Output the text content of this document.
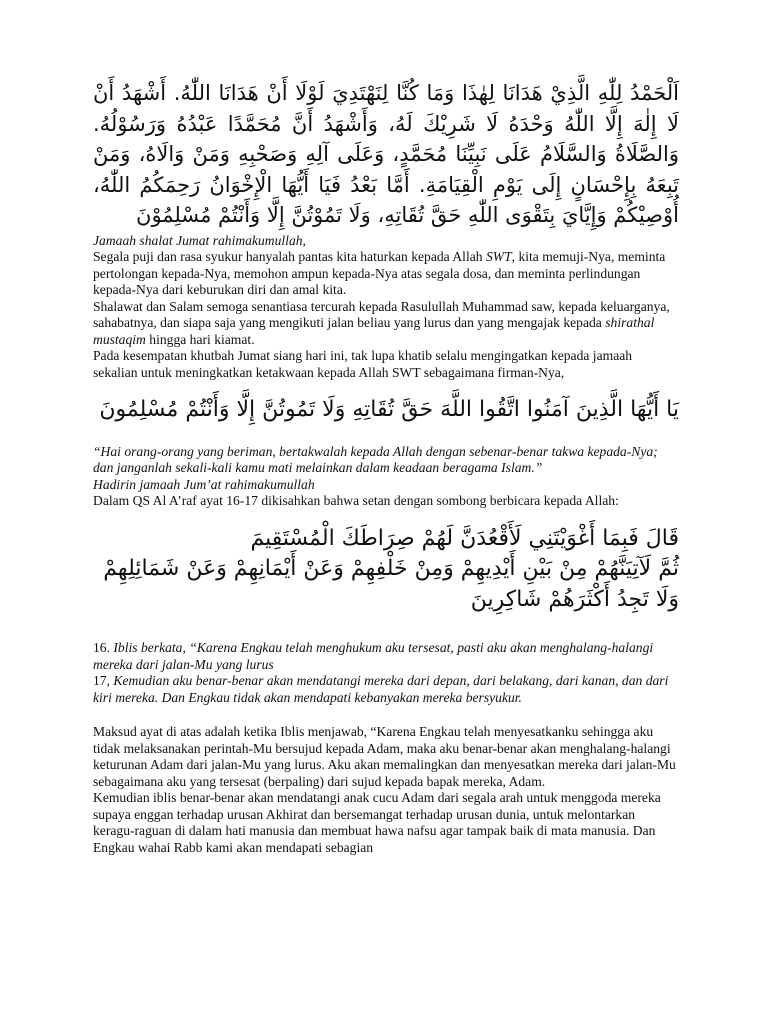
اَلْحَمْدُ لِلّٰهِ الَّذِيْ هَدَانَا لِهٰذَا وَمَا كُنَّا لِنَهْتَدِيَ لَوْلَا أَنْ هَدَانَا اللّٰهُ. أَشْهَدُ أَنْ لَا إِلٰهَ إِلَّا اللّٰهُ وَحْدَهُ لَا شَرِيْكَ لَهُ، وَأَشْهَدُ أَنَّ مُحَمَّدًا عَبْدُهُ وَرَسُوْلُهُ. وَالصَّلَاةُ وَالسَّلَامُ عَلَى نَبِيِّنَا مُحَمَّدٍ، وَعَلَى آلِهِ وَصَحْبِهِ وَمَنْ وَالَاهُ، وَمَنْ تَبِعَهُ بِإِحْسَانٍ إِلَى يَوْمِ الْقِيَامَةِ. أَمَّا بَعْدُ فَيَا أَيُّهَا الْإِخْوَانُ رَحِمَكُمُ اللّٰهُ، أُوْصِيْكُمْ وَإِيَّايَ بِتَقْوَى اللّٰهِ حَقَّ تُقَاتِهِ، وَلَا تَمُوْتُنَّ إِلَّا وَأَنْتُمْ مُسْلِمُوْنَ

Jamaah shalat Jumat rahimakumullah,

Segala puji dan rasa syukur hanyalah pantas kita haturkan kepada Allah SWT, kita memuji-Nya, meminta pertolongan kepada-Nya, memohon ampun kepada-Nya atas segala dosa, dan meminta perlindungan kepada-Nya dari keburukan diri dan amal kita.

Shalawat dan Salam semoga senantiasa tercurah kepada Rasulullah Muhammad saw, kepada keluarganya, sahabatnya, dan siapa saja yang mengikuti jalan beliau yang lurus dan yang mengajak kepada shirathal mustaqim hingga hari kiamat.

Pada kesempatan khutbah Jumat siang hari ini, tak lupa khatib selalu mengingatkan kepada jamaah sekalian untuk meningkatkan ketakwaan kepada Allah SWT sebagaimana firman-Nya,

يَا أَيُّهَا الَّذِينَ آمَنُوا اتَّقُوا اللَّهَ حَقَّ تُقَاتِهِ وَلَا تَمُوتُنَّ إِلَّا وَأَنْتُمْ مُسْلِمُونَ

“Hai orang-orang yang beriman, bertakwalah kepada Allah dengan sebenar-benar takwa kepada-Nya; dan janganlah sekali-kali kamu mati melainkan dalam keadaan beragama Islam.”

Hadirin jamaah Jum’at rahimakumullah

Dalam QS Al A’raf ayat 16-17 dikisahkan bahwa setan dengan sombong berbicara kepada Allah:

قَالَ فَبِمَا أَغْوَيْتَنِي لَأَقْعُدَنَّ لَهُمْ صِرَاطَكَ الْمُسْتَقِيمَ

ثُمَّ لَآتِيَنَّهُمْ مِنْ بَيْنِ أَيْدِيهِمْ وَمِنْ خَلْفِهِمْ وَعَنْ أَيْمَانِهِمْ وَعَنْ شَمَائِلِهِمْ

وَلَا تَجِدُ أَكْثَرَهُمْ شَاكِرِينَ

16. Iblis berkata, “Karena Engkau telah menghukum aku tersesat, pasti aku akan menghalang-halangi mereka dari jalan-Mu yang lurus

17, Kemudian aku benar-benar akan mendatangi mereka dari depan, dari belakang, dari kanan, dan dari kiri mereka. Dan Engkau tidak akan mendapati kebanyakan mereka bersyukur.

Maksud ayat di atas adalah ketika Iblis menjawab, “Karena Engkau telah menyesatkanku sehingga aku tidak melaksanakan perintah-Mu bersujud kepada Adam, maka aku benar-benar akan menghalang-halangi keturunan Adam dari jalan-Mu yang lurus. Aku akan memalingkan dan menyesatkan mereka dari jalan-Mu sebagaimana aku yang tersesat (berpaling) dari sujud kepada bapak mereka, Adam.

Kemudian iblis benar-benar akan mendatangi anak cucu Adam dari segala arah untuk menggoda mereka supaya enggan terhadap urusan Akhirat dan bersemangat terhadap urusan dunia, untuk melontarkan keragu-raguan di dalam hati manusia dan membuat hawa nafsu agar tampak baik di mata manusia. Dan Engkau wahai Rabb kami akan mendapati sebagian
